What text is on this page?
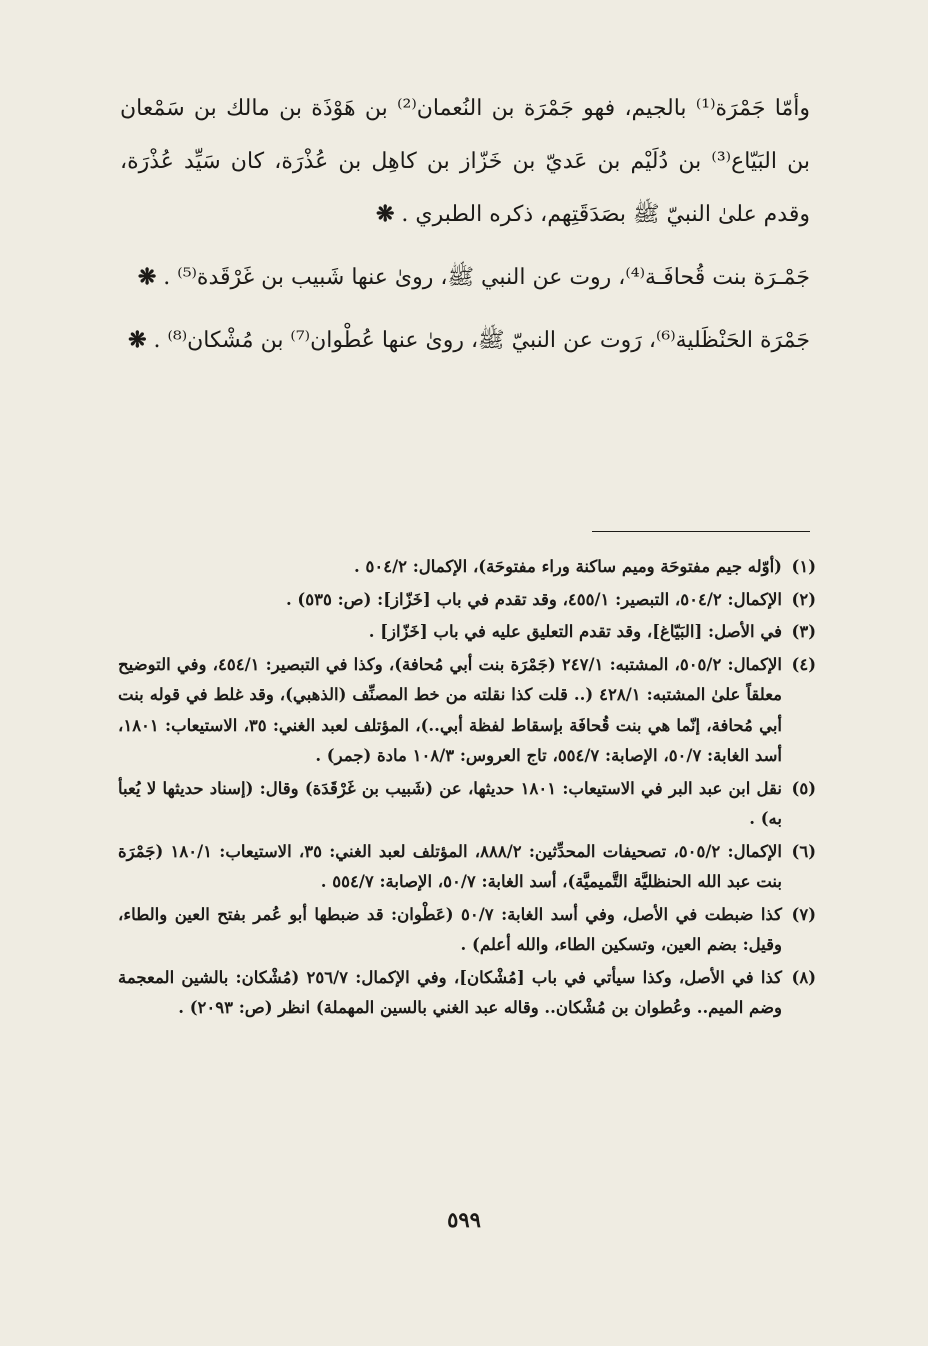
وأمّا جَمْرَة⁽¹⁾ بالجيم، فهو جَمْرَة بن النُعمان⁽²⁾ بن هَوْذَة بن مالك بن سَمْعان بن البَيّاع⁽³⁾ بن دُلَيْم بن عَديّ بن خَزّاز بن كاهِل بن عُذْرَة، كان سَيِّد عُذْرَة، وقدم علىٰ النبيّ ﷺ بصَدَقَتِهم، ذكره الطبري . ❋

جَمْـرَة بنت قُحافَـة⁽⁴⁾، روت عن النبي ﷺ، روىٰ عنها شَبيب بن غَرْقَدة⁽⁵⁾ . ❋

جَمْرَة الحَنْظَلية⁽⁶⁾، رَوت عن النبيّ ﷺ، روىٰ عنها عُطْوان⁽⁷⁾ بن مُشْكان⁽⁸⁾ . ❋

(١)
(أوّله جيم مفتوحَة وميم ساكنة وراء مفتوحَة)، الإكمال: ٥٠٤/٢ .
(٢)
الإكمال: ٥٠٤/٢، التبصير: ٤٥٥/١، وقد تقدم في باب [خَزّاز]: (ص: ٥٣٥) .
(٣)
في الأصل: [البَيّاغ]، وقد تقدم التعليق عليه في باب [خَزّاز] .
(٤)
الإكمال: ٥٠٥/٢، المشتبه: ٢٤٧/١ (جَمْرَة بنت أبي مُحافة)، وكذا في التبصير: ٤٥٤/١، وفي التوضيح معلقاً علىٰ المشتبه: ٤٢٨/١ (.. قلت كذا نقلته من خط المصنِّف (الذهبي)، وقد غلط في قوله بنت أبي مُحافة، إنّما هي بنت قُحافَة بإسقاط لفظة أبي..)، المؤتلف لعبد الغني: ٣٥، الاستيعاب: ١٨٠١، أسد الغابة: ٥٠/٧، الإصابة: ٥٥٤/٧، تاج العروس: ١٠٨/٣ مادة (جمر) .
(٥)
نقل ابن عبد البر في الاستيعاب: ١٨٠١ حديثها، عن (شَبيب بن غَرْقَدَة) وقال: (إسناد حديثها لا يُعبأ به) .
(٦)
الإكمال: ٥٠٥/٢، تصحيفات المحدِّثين: ٨٨٨/٢، المؤتلف لعبد الغني: ٣٥، الاستيعاب: ١٨٠/١ (جَمْرَة بنت عبد الله الحنظليَّة التَّميميَّة)، أسد الغابة: ٥٠/٧، الإصابة: ٥٥٤/٧ .
(٧)
كذا ضبطت في الأصل، وفي أسد الغابة: ٥٠/٧ (عَطْوان: قد ضبطها أبو عُمر بفتح العين والطاء، وقيل: بضم العين، وتسكين الطاء، والله أعلم) .
(٨)
كذا في الأصل، وكذا سيأتي في باب [مُشْكان]، وفي الإكمال: ٢٥٦/٧ (مُشْكان: بالشين المعجمة وضم الميم.. وعُطوان بن مُشْكان.. وقاله عبد الغني بالسين المهملة) انظر (ص: ٢٠٩٣) .
٥٩٩
